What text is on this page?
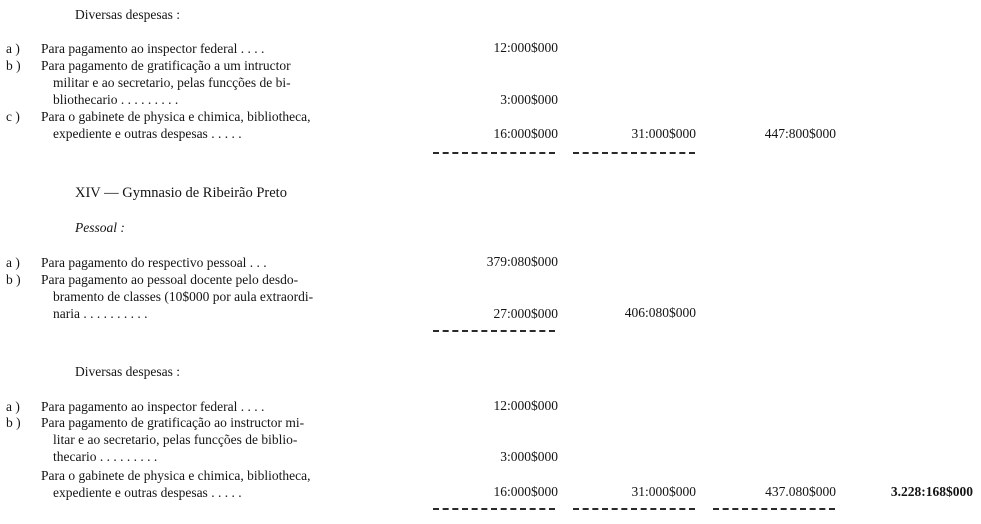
Diversas despesas :
a ) Para pagamento ao inspector federal . . . .	12:000$000
b ) Para pagamento de gratificação a um intructor
militar e ao secretario, pelas funcções de bi-
bliothecario . . . . . . . . .	3:000$000
c ) Para o gabinete de physica e chimica, bibliotheca,
expediente e outras despesas . . . . .	16:000$000	31:000$000	447:800$000
XIV — Gymnasio de Ribeirão Preto
Pessoal :
a ) Para pagamento do respectivo pessoal . . .	379:080$000
b ) Para pagamento ao pessoal docente pelo desdo-
bramento de classes (10$000 por aula extraordi-
naria . . . . . . . . . .	27:000$000	406:080$000
Diversas despesas :
a ) Para pagamento ao inspector federal . . . .	12:000$000
b ) Para pagamento de gratificação ao instructor mi-
litar e ao secretario, pelas funcções de biblio-
thecario . . . . . . . . .	3:000$000
Para o gabinete de physica e chimica, bibliotheca,
expediente e outras despesas . . . . .	16:000$000	31:000$000	437.080$000	3.228:168$000
